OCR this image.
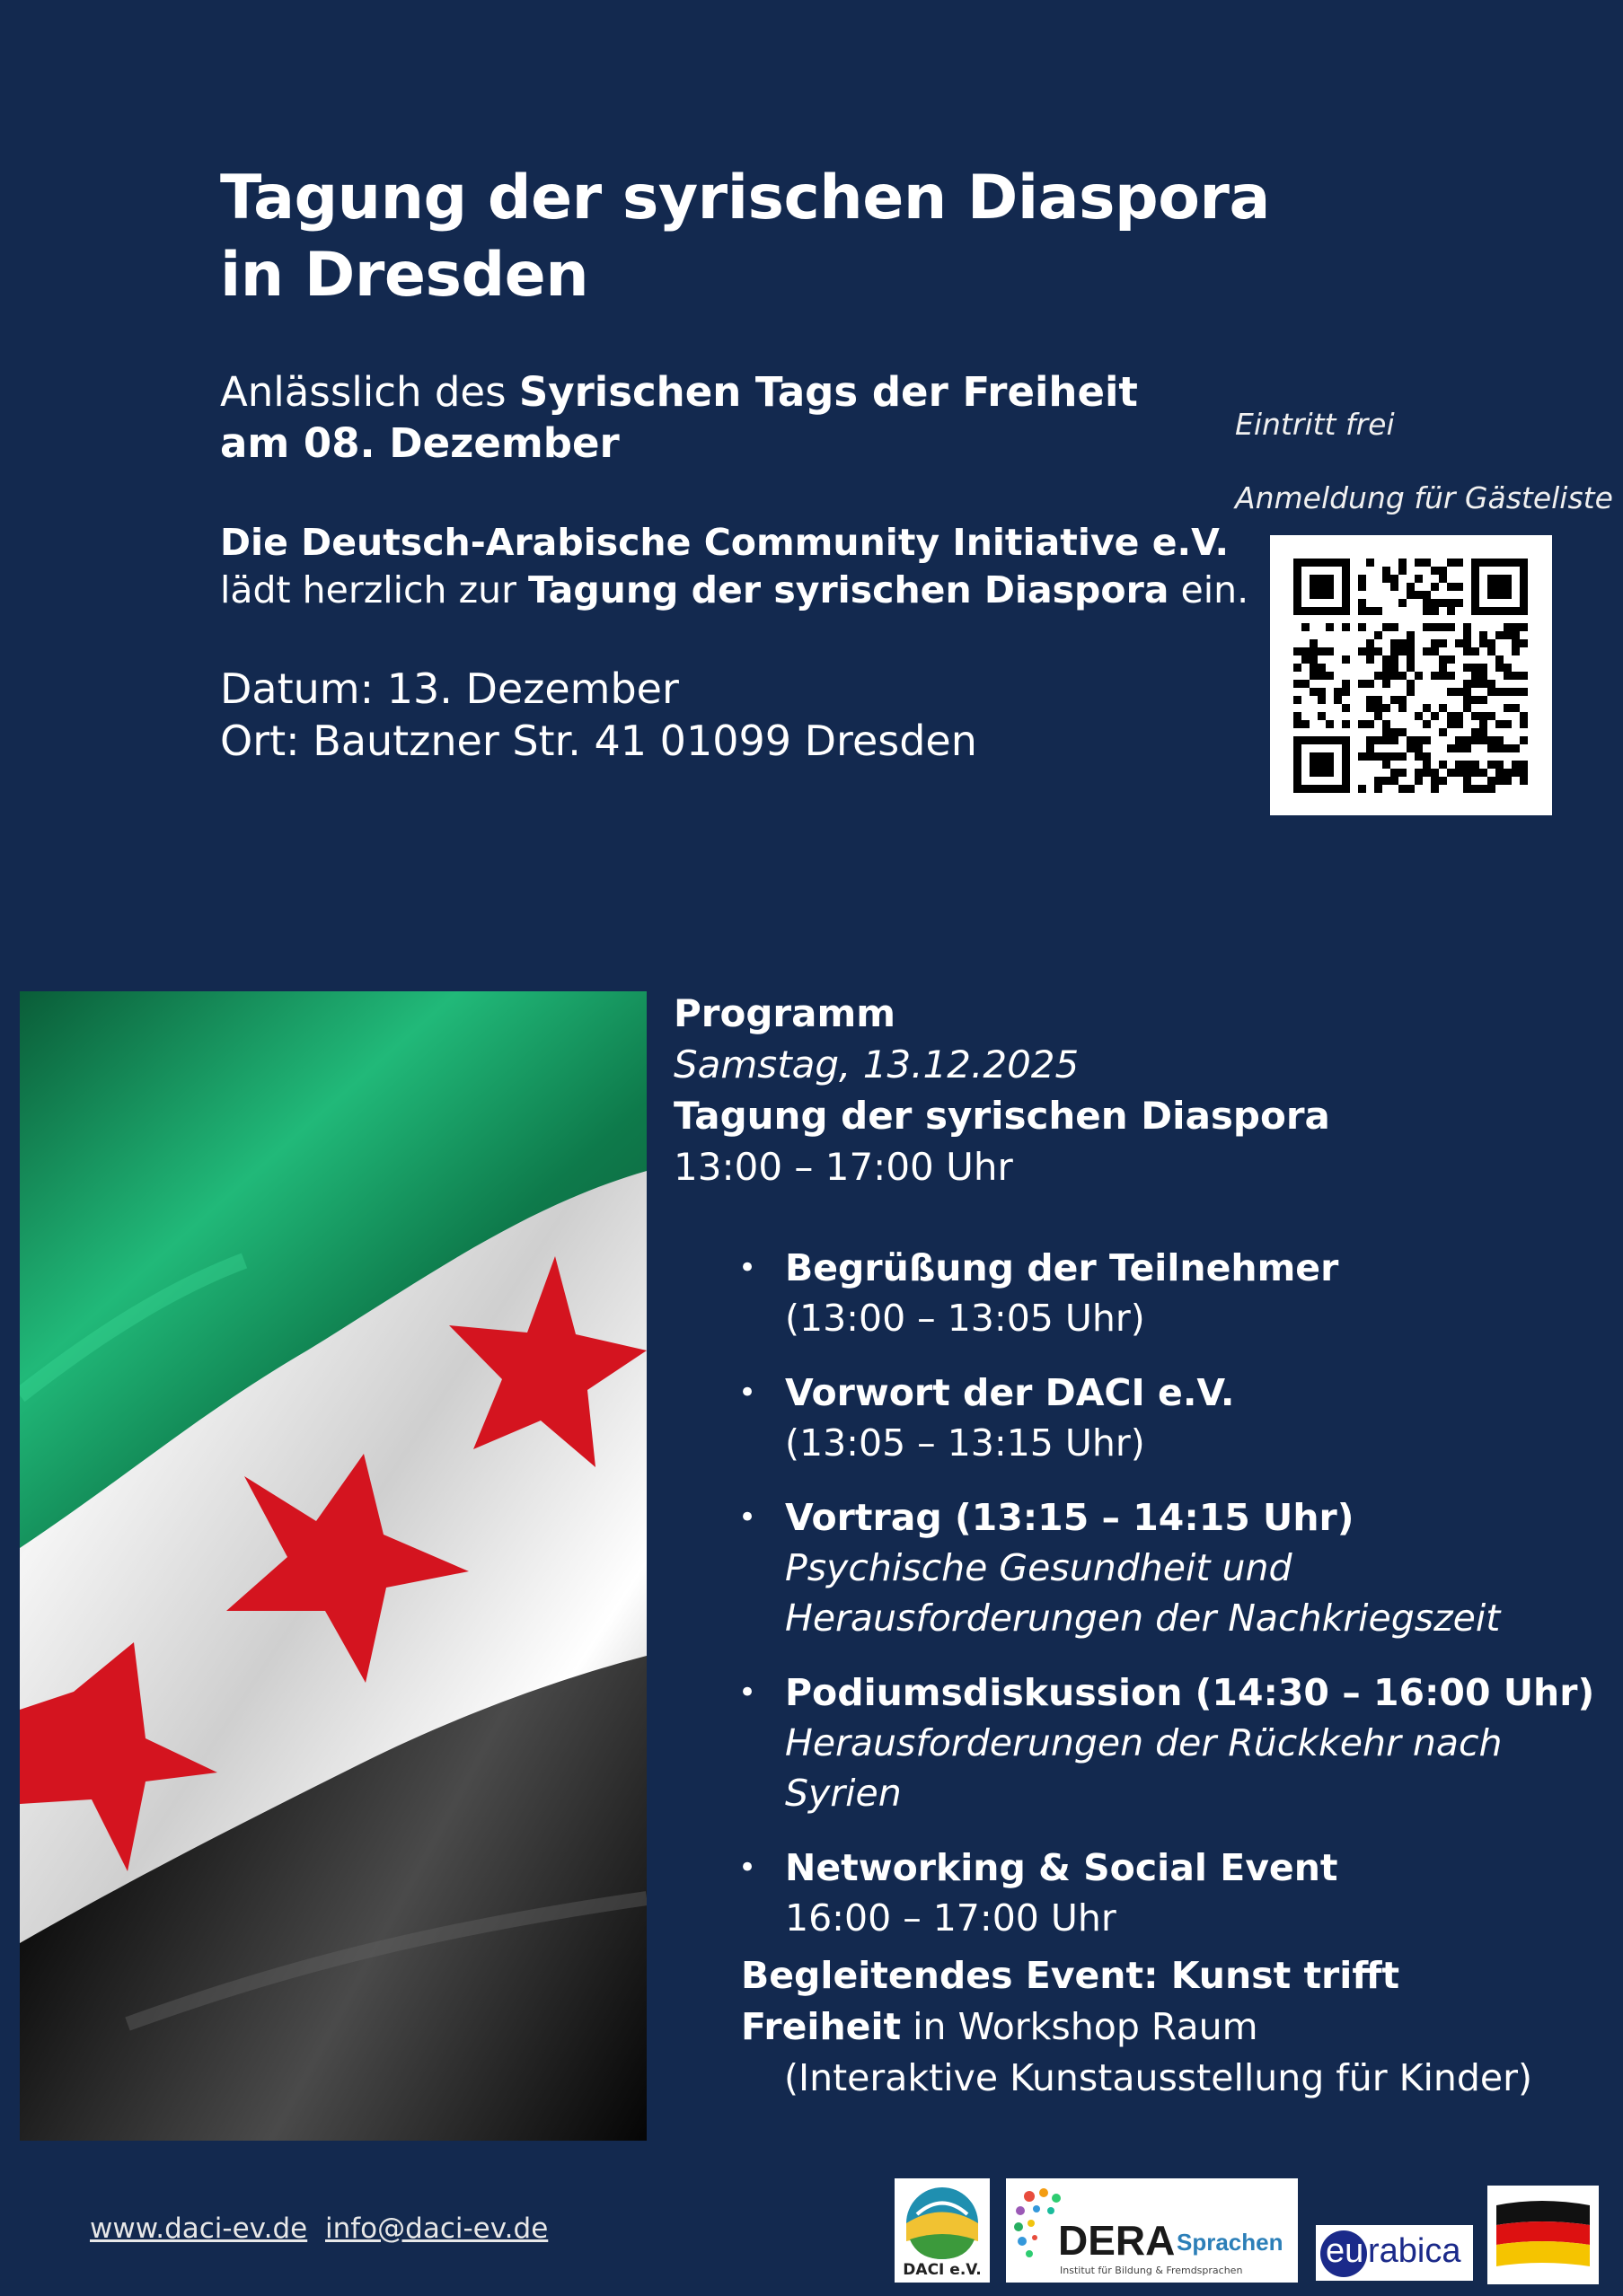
Tagung der syrischen Diaspora
in Dresden
Anlässlich des Syrischen Tags der Freiheit
am 08. Dezember
Die Deutsch-Arabische Community Initiative e.V.
lädt herzlich zur Tagung der syrischen Diaspora ein.
Datum: 13. Dezember
Ort: Bautzner Str. 41 01099 Dresden
Eintritt frei
Anmeldung für Gästeliste
Programm
Samstag, 13.12.2025
Tagung der syrischen Diaspora
13:00 – 17:00 Uhr
• Begrüßung der Teilnehmer
(13:00 – 13:05 Uhr)
• Vorwort der DACI e.V.
(13:05 – 13:15 Uhr)
• Vortrag (13:15 – 14:15 Uhr)
Psychische Gesundheit und Herausforderungen der Nachkriegszeit
• Podiumsdiskussion (14:30 – 16:00 Uhr)
Herausforderungen der Rückkehr nach Syrien
• Networking & Social Event
16:00 – 17:00 Uhr
Begleitendes Event: Kunst trifft Freiheit in Workshop Raum
(Interaktive Kunstausstellung für Kinder)
www.daci-ev.de info@daci-ev.de
DACI e.V.
DERA Sprachen
Institut für Bildung & Fremdsprachen
eu rabica
